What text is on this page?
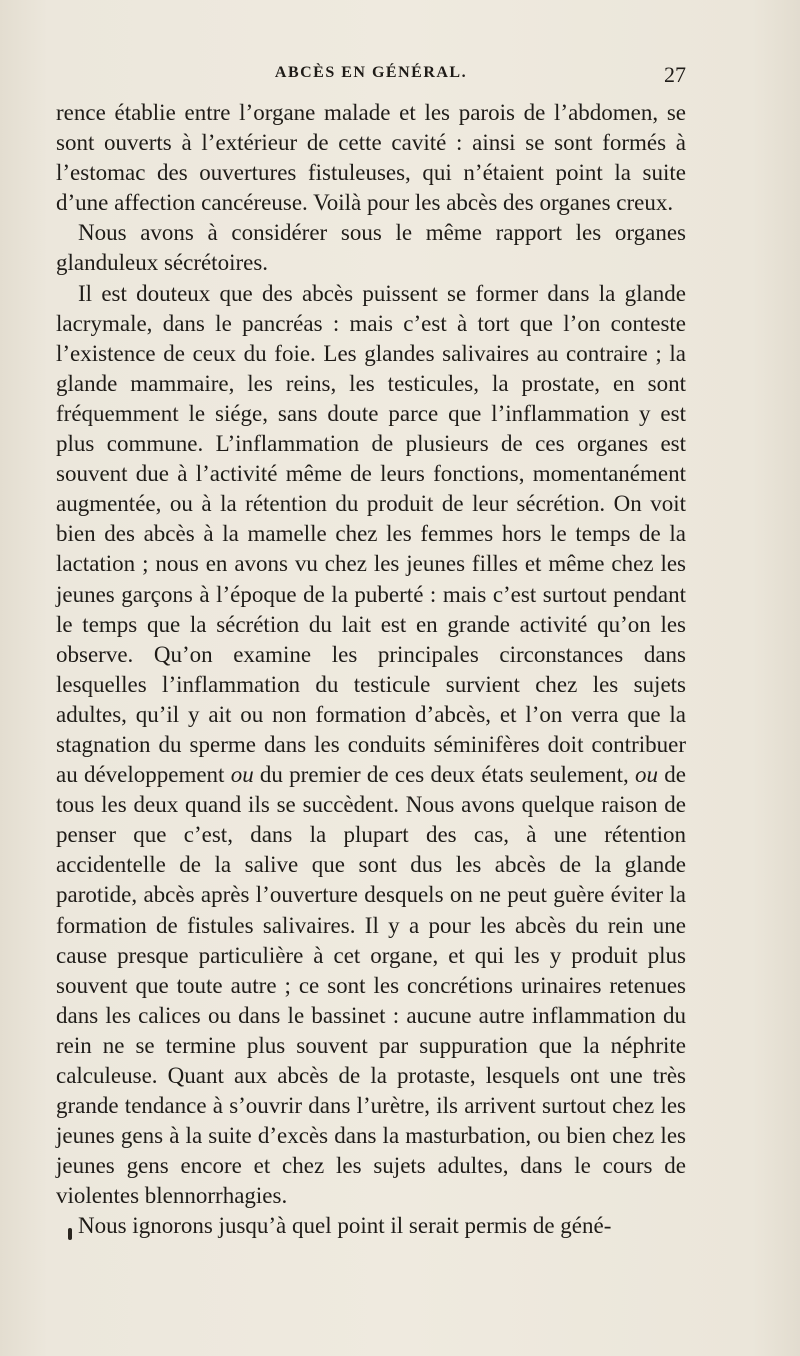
ABCÈS EN GÉNÉRAL.	27

rence établie entre l’organe malade et les parois de l’abdomen, se sont ouverts à l’extérieur de cette cavité : ainsi se sont formés à l’estomac des ouvertures fistuleuses, qui n’étaient point la suite d’une affection cancéreuse. Voilà pour les abcès des organes creux.

Nous avons à considérer sous le même rapport les organes glanduleux sécrétoires.

Il est douteux que des abcès puissent se former dans la glande lacrymale, dans le pancréas : mais c’est à tort que l’on conteste l’existence de ceux du foie. Les glandes salivaires au contraire ; la glande mammaire, les reins, les testicules, la prostate, en sont fréquemment le siége, sans doute parce que l’inflammation y est plus commune. L’inflammation de plusieurs de ces organes est souvent due à l’activité même de leurs fonctions, momentanément augmentée, ou à la rétention du produit de leur sécrétion. On voit bien des abcès à la mamelle chez les femmes hors le temps de la lactation ; nous en avons vu chez les jeunes filles et même chez les jeunes garçons à l’époque de la puberté : mais c’est surtout pendant le temps que la sécrétion du lait est en grande activité qu’on les observe. Qu’on examine les principales circonstances dans lesquelles l’inflammation du testicule survient chez les sujets adultes, qu’il y ait ou non formation d’abcès, et l’on verra que la stagnation du sperme dans les conduits séminifères doit contribuer au développement ou du premier de ces deux états seulement, ou de tous les deux quand ils se succèdent. Nous avons quelque raison de penser que c’est, dans la plupart des cas, à une rétention accidentelle de la salive que sont dus les abcès de la glande parotide, abcès après l’ouverture desquels on ne peut guère éviter la formation de fistules salivaires. Il y a pour les abcès du rein une cause presque particulière à cet organe, et qui les y produit plus souvent que toute autre ; ce sont les concrétions urinaires retenues dans les calices ou dans le bassinet : aucune autre inflammation du rein ne se termine plus souvent par suppuration que la néphrite calculeuse. Quant aux abcès de la protaste, lesquels ont une très grande tendance à s’ouvrir dans l’urètre, ils arrivent surtout chez les jeunes gens à la suite d’excès dans la masturbation, ou bien chez les jeunes gens encore et chez les sujets adultes, dans le cours de violentes blennorrhagies.

Nous ignorons jusqu’à quel point il serait permis de géné-
